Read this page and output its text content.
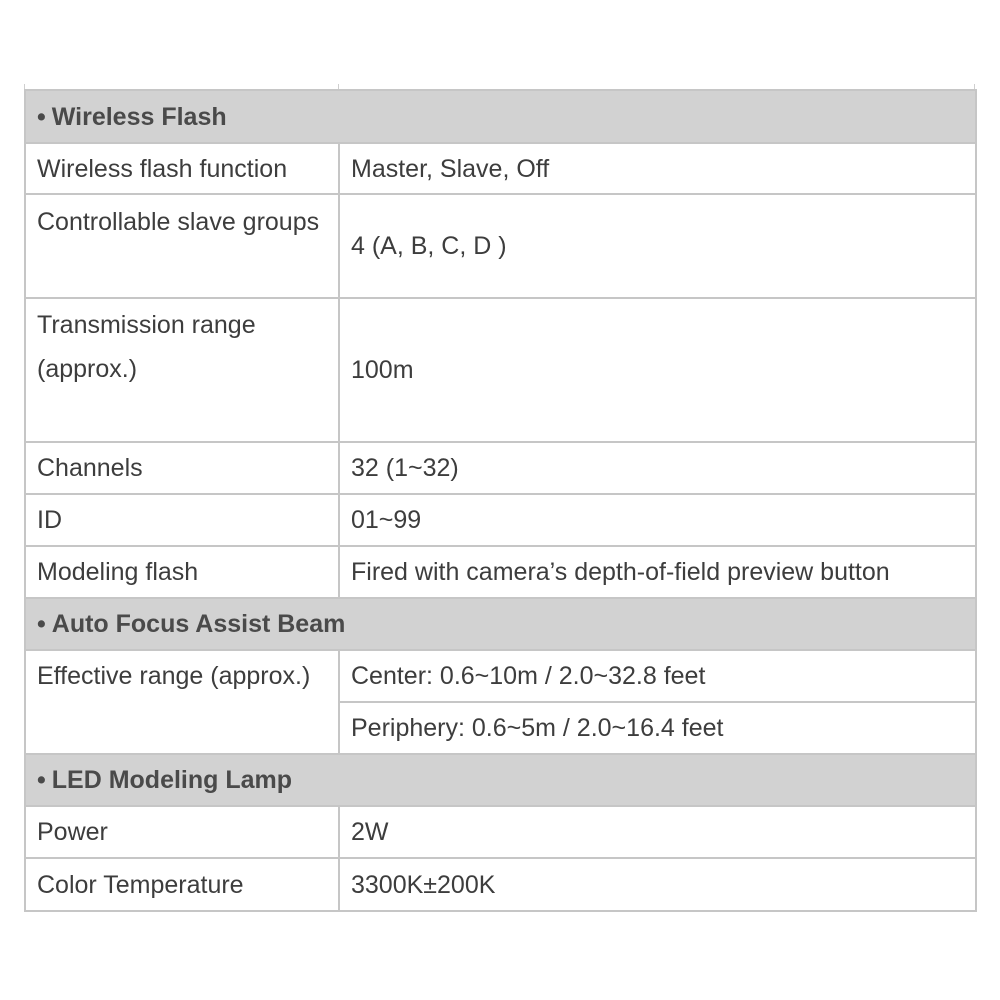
• Wireless Flash	
Wireless flash function	Master, Slave, Off
Controllable slave groups	4 (A, B, C, D )
Transmission range
(approx.)	100m
Channels	32 (1~32)
ID	01~99
Modeling flash	Fired with camera’s depth-of-field preview button
• Auto Focus Assist Beam	
Effective range (approx.)	Center: 0.6~10m / 2.0~32.8 feet
	Periphery: 0.6~5m / 2.0~16.4 feet
• LED Modeling Lamp	
Power	2W
Color Temperature	3300K±200K
